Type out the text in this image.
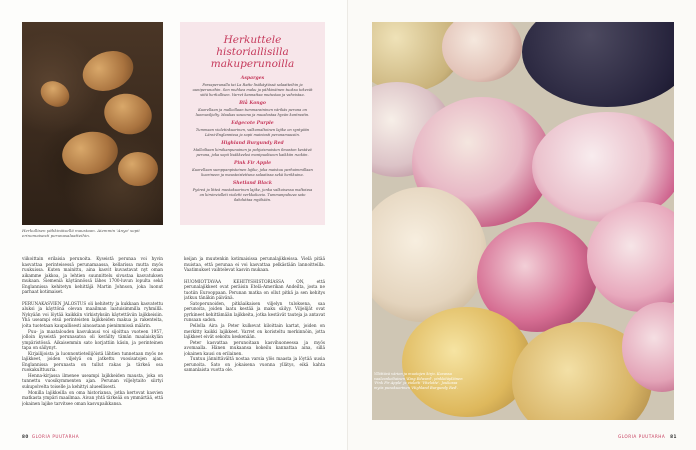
Herkullisen pähkinäisellä maustaan. Aiemmin 'Anya' sopii erinomaisesti perunasalaatteihin.
Herkuttele historiallisilla makuperunoilla
Asparges

Parsaperunalla tai La Ratte lisäkäytössä salaatteihin ja uuniperunoihin. Sen muhkea maku ja pähkinäinen tuoksu tekevät siitä herkullisen. Varret kannattaa mutustaa ja vahvistaa.

Blå Kongo

Kuorellaan ja malloillaan tummansininen värikäs peruna on luomuviljelty. Maukas soseena ja muodostaa hyvän kontrastin.

Edgecote Purple

Tummaan violetinkuorinen, valkomaltoinen lajike on syntyään Länsi-Englannissa ja sopii mainiosti perunamuusiin.

Highland Burgundy Red

Malloiltaan kirsikanpunainen ja pohjoismaisten ilmaston kestävä peruna, joka sopii lisäkkeeksi monipuoliseen kaikkiin ruokiin.

Pink Fir Apple

Kuorellaan sumppanpisteinen lajike, joka maistuu parhaimmillaan kuorineen ja mausteistettuna salaatissa sekä herkkuina.

Shetland Black

Pyöreä ja litteä mustakuorinen lajike, jonka valkoisessa maltoissa on kirsinviolleti violetti verkkokuvio. Tummanpuhuva sato ilahduttaa myöhään.

viikoittain erilaisia perunoita. Kyseistä perunaa voi hyvin kasvattaa perinteisessä perunamaassa, kellarissa mutta myös ruukuissa. Kuten mainittu, aina kasvit kuvastavat nyt oman aikamme jakkoa, ja lehtien suunnittelu sivustaa kasvatuksen mukaan. Siemeniä käytännössä lähes 1700-luvun lopulta sekä Englannissa kehitetyn kehittäjä Martin Johnson, joka luonut parhaat kotimaiset.

PERUNAKASVIEN JALOSTUS oli kehitetty ja kukkaan kasvatettu aluksi ja käyttönä olevan maailman laatuisimmilla ryhmillä. Nykyään voi löytää kaikkiin virkistyksiin käytettäviin lajikkeisiin. Yhä useampi etsii perinteisten lajikkeiden makua ja rakenteita, joita tuotetaan kaupallisesti ainoastaan pienimmissä määrin.

Puu- ja maatalouden kasvukausi voi sijoittua vuoteen 1957, jolloin kyseistä perunasatoa oli keräilty tämän maalaiskylän ympäristössä. Aikaisemmin sato korjattiin käsin, ja perinteinen tapa on säilynyt.

Kirjailijoista ja luonnontieteilijöistä lähtien tunnetaan myös ne lajikkeet, joiden viljelyä on jatkettu vuosisatojen ajan. Englannissa perunasta on tullut rakas ja tärkeä osa ruokakulttuuria.

Henna-kirjassa ilmenee useampi lajikkeiden mausta, joka on tunnettu vuosikymmenten ajan. Perunan viljelytaito siirtyi sukupolvelta toiselle ja kehittyi alueellisesti.

Monilla lajikkeilla on oma historiansa, jotka kertovat kasvien matkasta ympäri maailmaa. Aivan yhtä tärkeää on ymmärtää, että jokainen lajike tarvitsee oman kasvupaikkansa.

keijan ja muutenkin kotimaisissa perunalajikkeissa. Vielä pitää muistaa, että perunaa ei voi kasvattaa pelkästään lannoitteilla. Vaatimukset vaihtelevat kasvin mukaan.

HUOMIOTTAVAA KEHITYSHISTORIASSA ON, että perunalajikkeet ovat peräisin Etelä-Amerikan Andeilta, josta ne tuotiin Eurooppaan. Perunan matka on ollut pitkä ja sen kehitys jatkuu tänäkin päivänä.

Satoperunoiden, pitkäaikaisen viljelyn tuloksena, saa perunoita, joiden laatu kestää ja maku säilyy. Viljelijät ovat pyrkineet kehittämään lajikkeita, jotka kestävät tauteja ja antavat runsaan sadon.

Pellolla Aira ja Peter kulkevat kiloittain kartat, joiden on merkitty kaikki lajikkeet. Varret on koristeltu merkinnöin, jotta lajikkeet eivät sekoitu keskenään.

Peter kasvattaa perunoitaan kasvihuoneessa ja myös avomaalla. Hänen mukaansa kokeilu kannattaa aina, sillä jokainen kausi on erilainen.

Tuntuu jännittävältä nostaa varsia ylös maasta ja löytää uusia perunoita. Sato on jokaisena vuonna yllätys, eikä kahta samanlaista vuotta ole.

80 GLORIA PUUTARHA
Yllättävä värien ja muotojen kirjo. Kuvassa vaaleankeltainen 'King Edward', pinkkitäpläinen 'Pink Fir Apple' ja violetti 'Vitelotte'. Joukossa myös punakuorinen 'Highland Burgundy Red'.
GLORIA PUUTARHA 81
